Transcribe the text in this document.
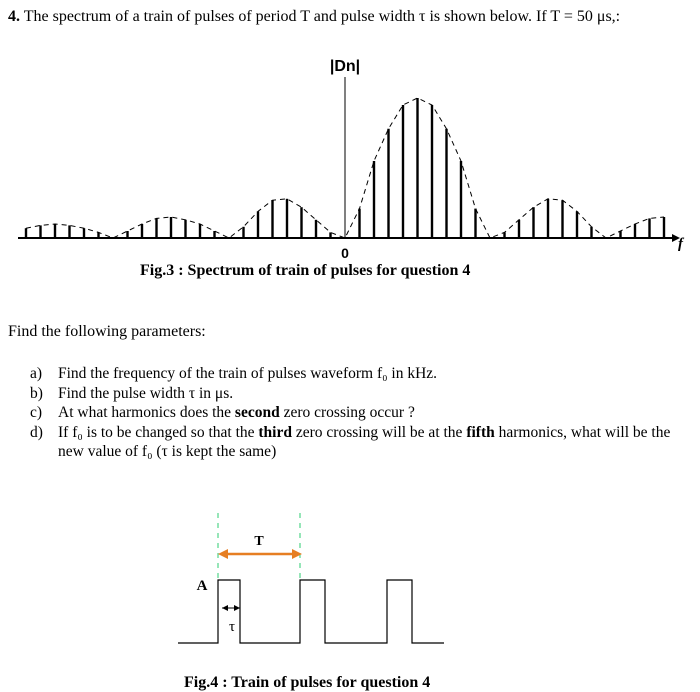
4. The spectrum of a train of pulses of period T and pulse width τ is shown below. If T = 50 μs,:
|Dn|
0
f
Fig.3 : Spectrum of train of pulses for question 4
Find the following parameters:
a)	Find the frequency of the train of pulses waveform f₀ in kHz.
b) Find the pulse width τ in μs.
c)	At what harmonics does the second zero crossing occur ?
d) If f₀ is to be changed so that the third zero crossing will be at the fifth harmonics, what will be the new value of f₀ (τ is kept the same)
T
A
τ
Fig.4 : Train of pulses for question 4
